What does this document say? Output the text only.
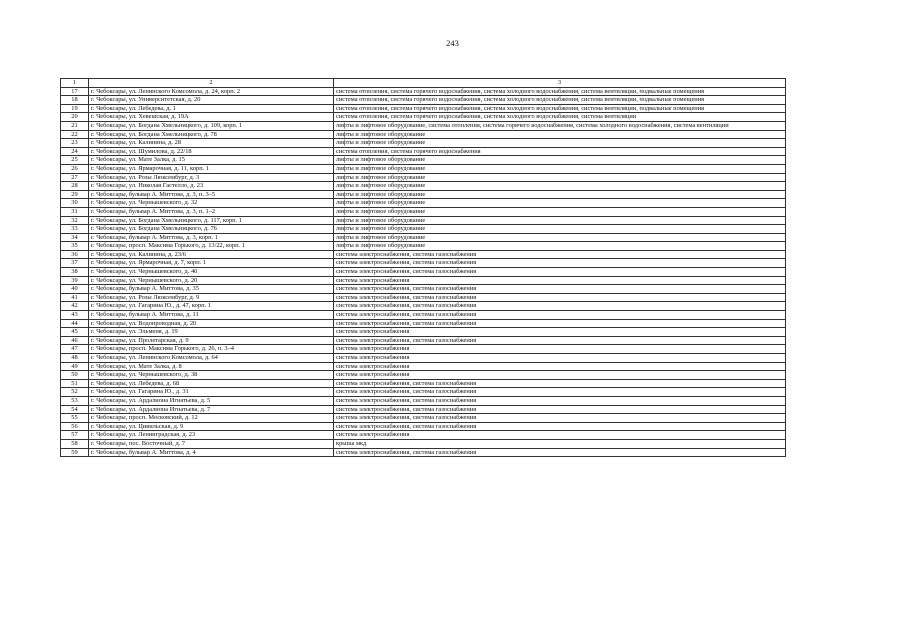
243
1	2	3
17	г. Чебоксары, ул. Ленинского Комсомола, д. 24, корп. 2	система отопления, система горячего водоснабжения, система холодного водоснабжения, система вентиляции, подвальные помещения
18	г. Чебоксары, ул. Университетская, д. 20	система отопления, система горячего водоснабжения, система холодного водоснабжения, система вентиляции, подвальные помещения
19	г. Чебоксары, ул. Лебедева, д. 1	система отопления, система горячего водоснабжения, система холодного водоснабжения, система вентиляции, подвальные помещения
20	г. Чебоксары, ул. Хевешская, д. 19А	система отопления, система горячего водоснабжения, система холодного водоснабжения, система вентиляции
21	г. Чебоксары, ул. Богдана Хмельницкого, д. 109, корп. 1	лифты и лифтовое оборудование, система отопления, система горячего водоснабжения, система холодного водоснабжения, система вентиляции
22	г. Чебоксары, ул. Богдана Хмельницкого, д. 78	лифты и лифтовое оборудование
23	г. Чебоксары, ул. Калинина, д. 28	лифты и лифтовое оборудование
24	г. Чебоксары, ул. Шумилова, д. 22/18	система отопления, система горячего водоснабжения
25	г. Чебоксары, ул. Мате Залка, д. 15	лифты и лифтовое оборудование
26	г. Чебоксары, ул. Ярмарочная, д. 11, корп. 1	лифты и лифтовое оборудование
27	г. Чебоксары, ул. Розы Люксембург, д. 3	лифты и лифтовое оборудование
28	г. Чебоксары, ул. Николая Гастелло, д. 23	лифты и лифтовое оборудование
29	г. Чебоксары, бульвар А. Миттова, д. 3, п. 3–5	лифты и лифтовое оборудование
30	г. Чебоксары, ул. Чернышевского, д. 32	лифты и лифтовое оборудование
31	г. Чебоксары, бульвар А. Миттова, д. 3, п. 1–2	лифты и лифтовое оборудование
32	г. Чебоксары, ул. Богдана Хмельницкого, д. 117, корп. 1	лифты и лифтовое оборудование
33	г. Чебоксары, ул. Богдана Хмельницкого, д. 76	лифты и лифтовое оборудование
34	г. Чебоксары, бульвар А. Миттова, д. 3, корп. 1	лифты и лифтовое оборудование
35	г. Чебоксары, просп. Максима Горького, д. 13/22, корп. 1	лифты и лифтовое оборудование
36	г. Чебоксары, ул. Калинина, д. 23/6	система электроснабжения, система газоснабжения
37	г. Чебоксары, ул. Ярмарочная, д. 7, корп. 1	система электроснабжения, система газоснабжения
38	г. Чебоксары, ул. Чернышевского, д. 40	система электроснабжения, система газоснабжения
39	г. Чебоксары, ул. Чернышевского, д. 20	система электроснабжения
40	г. Чебоксары, бульвар А. Миттова, д. 35	система электроснабжения, система газоснабжения
41	г. Чебоксары, ул. Розы Люксембург, д. 9	система электроснабжения, система газоснабжения
42	г. Чебоксары, ул. Гагарина Ю., д. 47, корп. 1	система электроснабжения, система газоснабжения
43	г. Чебоксары, бульвар А. Миттова, д. 11	система электроснабжения, система газоснабжения
44	г. Чебоксары, ул. Водопроводная, д. 20	система электроснабжения, система газоснабжения
45	г. Чебоксары, ул. Эльменя, д. 19	система электроснабжения
46	г. Чебоксары, ул. Пролетарская, д. 9	система электроснабжения, система газоснабжения
47	г. Чебоксары, просп. Максима Горького, д. 26, п. 3–4	система электроснабжения
48	г. Чебоксары, ул. Ленинского Комсомола, д. 64	система электроснабжения
49	г. Чебоксары, ул. Мате Залка, д. 8	система электроснабжения
50	г. Чебоксары, ул. Чернышевского, д. 38	система электроснабжения
51	г. Чебоксары, ул. Лебедева, д. 68	система электроснабжения, система газоснабжения
52	г. Чебоксары, ул. Гагарина Ю., д. 31	система электроснабжения, система газоснабжения
53	г. Чебоксары, ул. Ардалиона Игнатьева, д. 5	система электроснабжения, система газоснабжения
54	г. Чебоксары, ул. Ардалиона Игнатьева, д. 7	система электроснабжения, система газоснабжения
55	г. Чебоксары, просп. Московский, д. 12	система электроснабжения, система газоснабжения
56	г. Чебоксары, ул. Цивильская, д. 9	система электроснабжения, система газоснабжения
57	г. Чебоксары, ул. Ленинградская, д. 23	система электроснабжения
58	г. Чебоксары, пос. Восточный, д. 7	крыша мкд
59	г. Чебоксары, бульвар А. Миттова, д. 4	система электроснабжения, система газоснабжения
